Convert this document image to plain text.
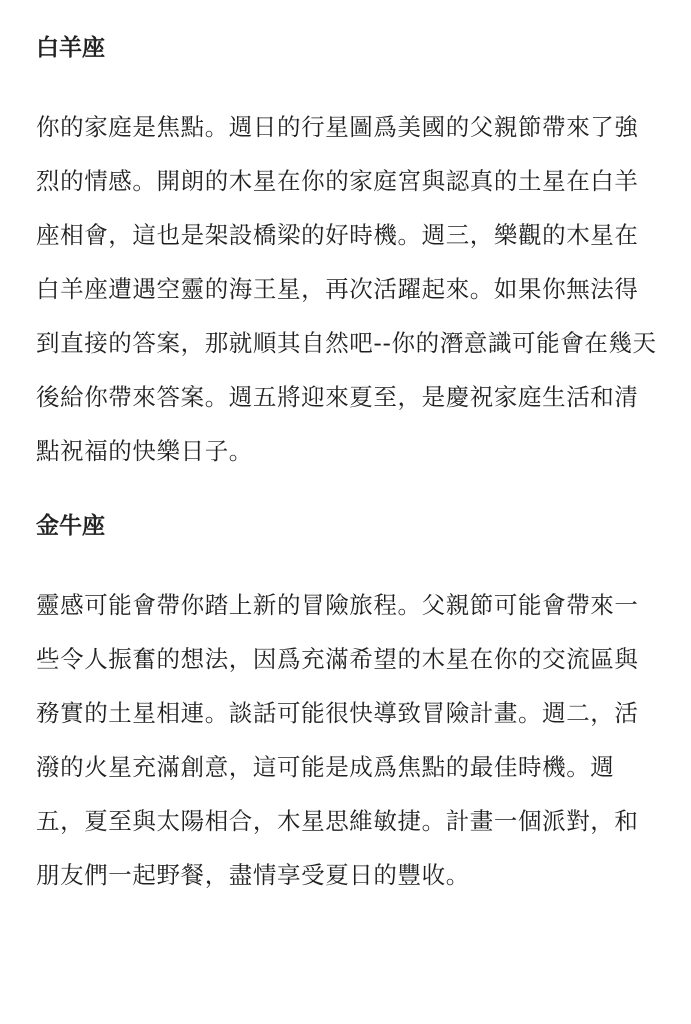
白羊座

你的家庭是焦點。週日的行星圖爲美國的父親節帶來了強烈的情感。開朗的木星在你的家庭宮與認真的土星在白羊座相會，這也是架設橋梁的好時機。週三，樂觀的木星在白羊座遭遇空靈的海王星，再次活躍起來。如果你無法得到直接的答案，那就順其自然吧--你的潛意識可能會在幾天後給你帶來答案。週五將迎來夏至，是慶祝家庭生活和清點祝福的快樂日子。

金牛座

靈感可能會帶你踏上新的冒險旅程。父親節可能會帶來一些令人振奮的想法，因爲充滿希望的木星在你的交流區與務實的土星相連。談話可能很快導致冒險計畫。週二，活潑的火星充滿創意，這可能是成爲焦點的最佳時機。週五，夏至與太陽相合，木星思維敏捷。計畫一個派對，和朋友們一起野餐，盡情享受夏日的豐收。
